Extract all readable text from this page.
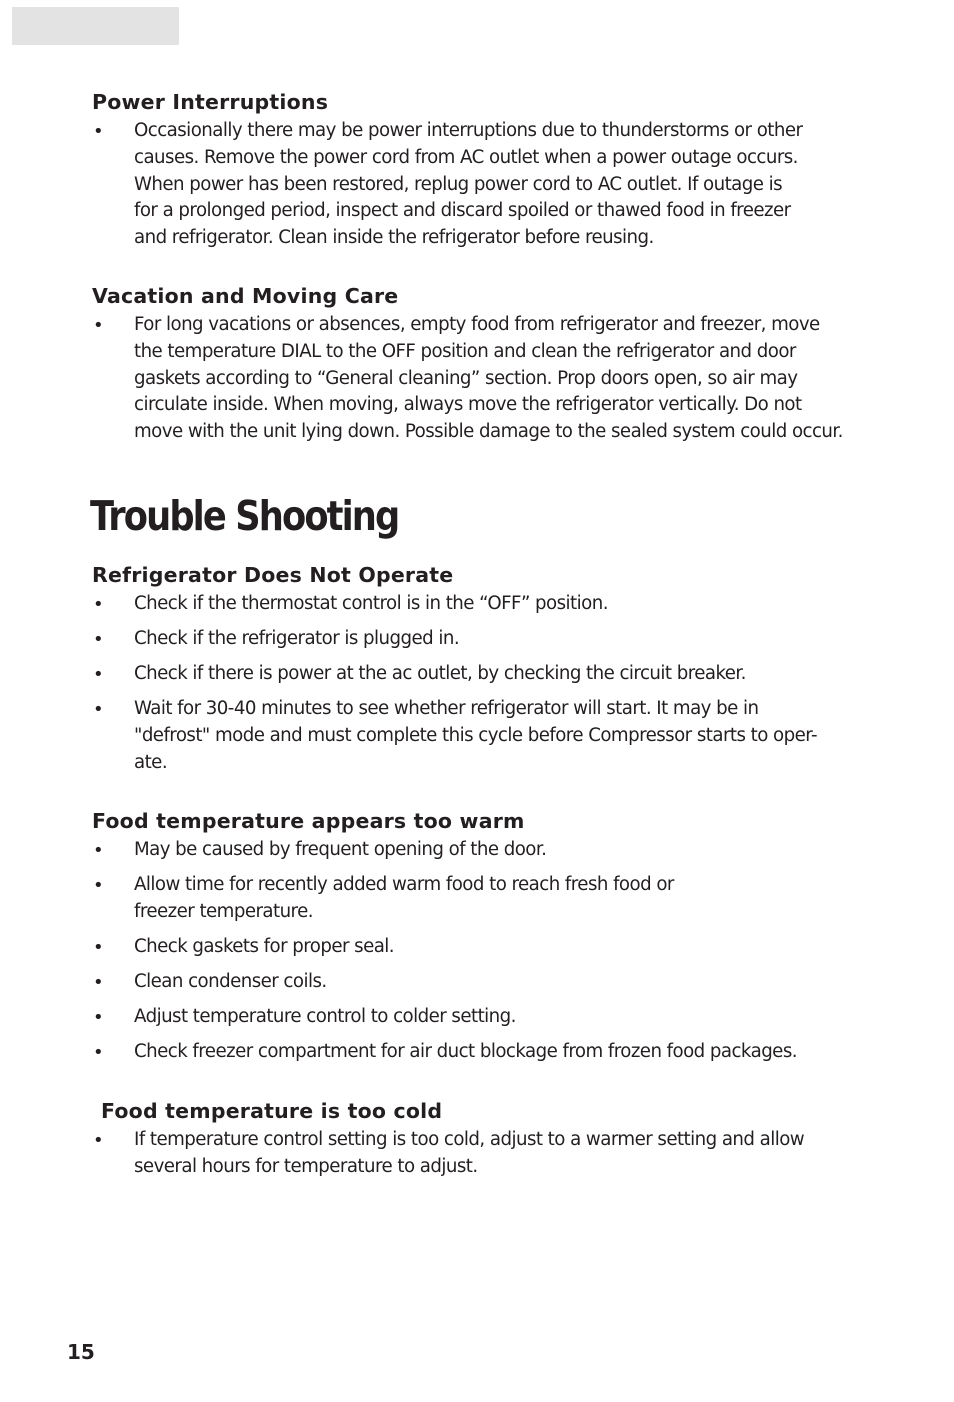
Power Interruptions
• Occasionally there may be power interruptions due to thunderstorms or other
causes. Remove the power cord from AC outlet when a power outage occurs.
When power has been restored, replug power cord to AC outlet. If outage is
for a prolonged period, inspect and discard spoiled or thawed food in freezer
and refrigerator. Clean inside the refrigerator before reusing.
Vacation and Moving Care
• For long vacations or absences, empty food from refrigerator and freezer, move
the temperature DIAL to the OFF position and clean the refrigerator and door
gaskets according to “General cleaning” section. Prop doors open, so air may
circulate inside. When moving, always move the refrigerator vertically. Do not
move with the unit lying down. Possible damage to the sealed system could occur.
Trouble Shooting
Refrigerator Does Not Operate
• Check if the thermostat control is in the “OFF” position.
• Check if the refrigerator is plugged in.
• Check if there is power at the ac outlet, by checking the circuit breaker.
• Wait for 30-40 minutes to see whether refrigerator will start. It may be in
"defrost" mode and must complete this cycle before Compressor starts to oper-
ate.
Food temperature appears too warm
• May be caused by frequent opening of the door.
• Allow time for recently added warm food to reach fresh food or
freezer temperature.
• Check gaskets for proper seal.
• Clean condenser coils.
• Adjust temperature control to colder setting.
• Check freezer compartment for air duct blockage from frozen food packages.
Food temperature is too cold
• If temperature control setting is too cold, adjust to a warmer setting and allow
several hours for temperature to adjust.
15
